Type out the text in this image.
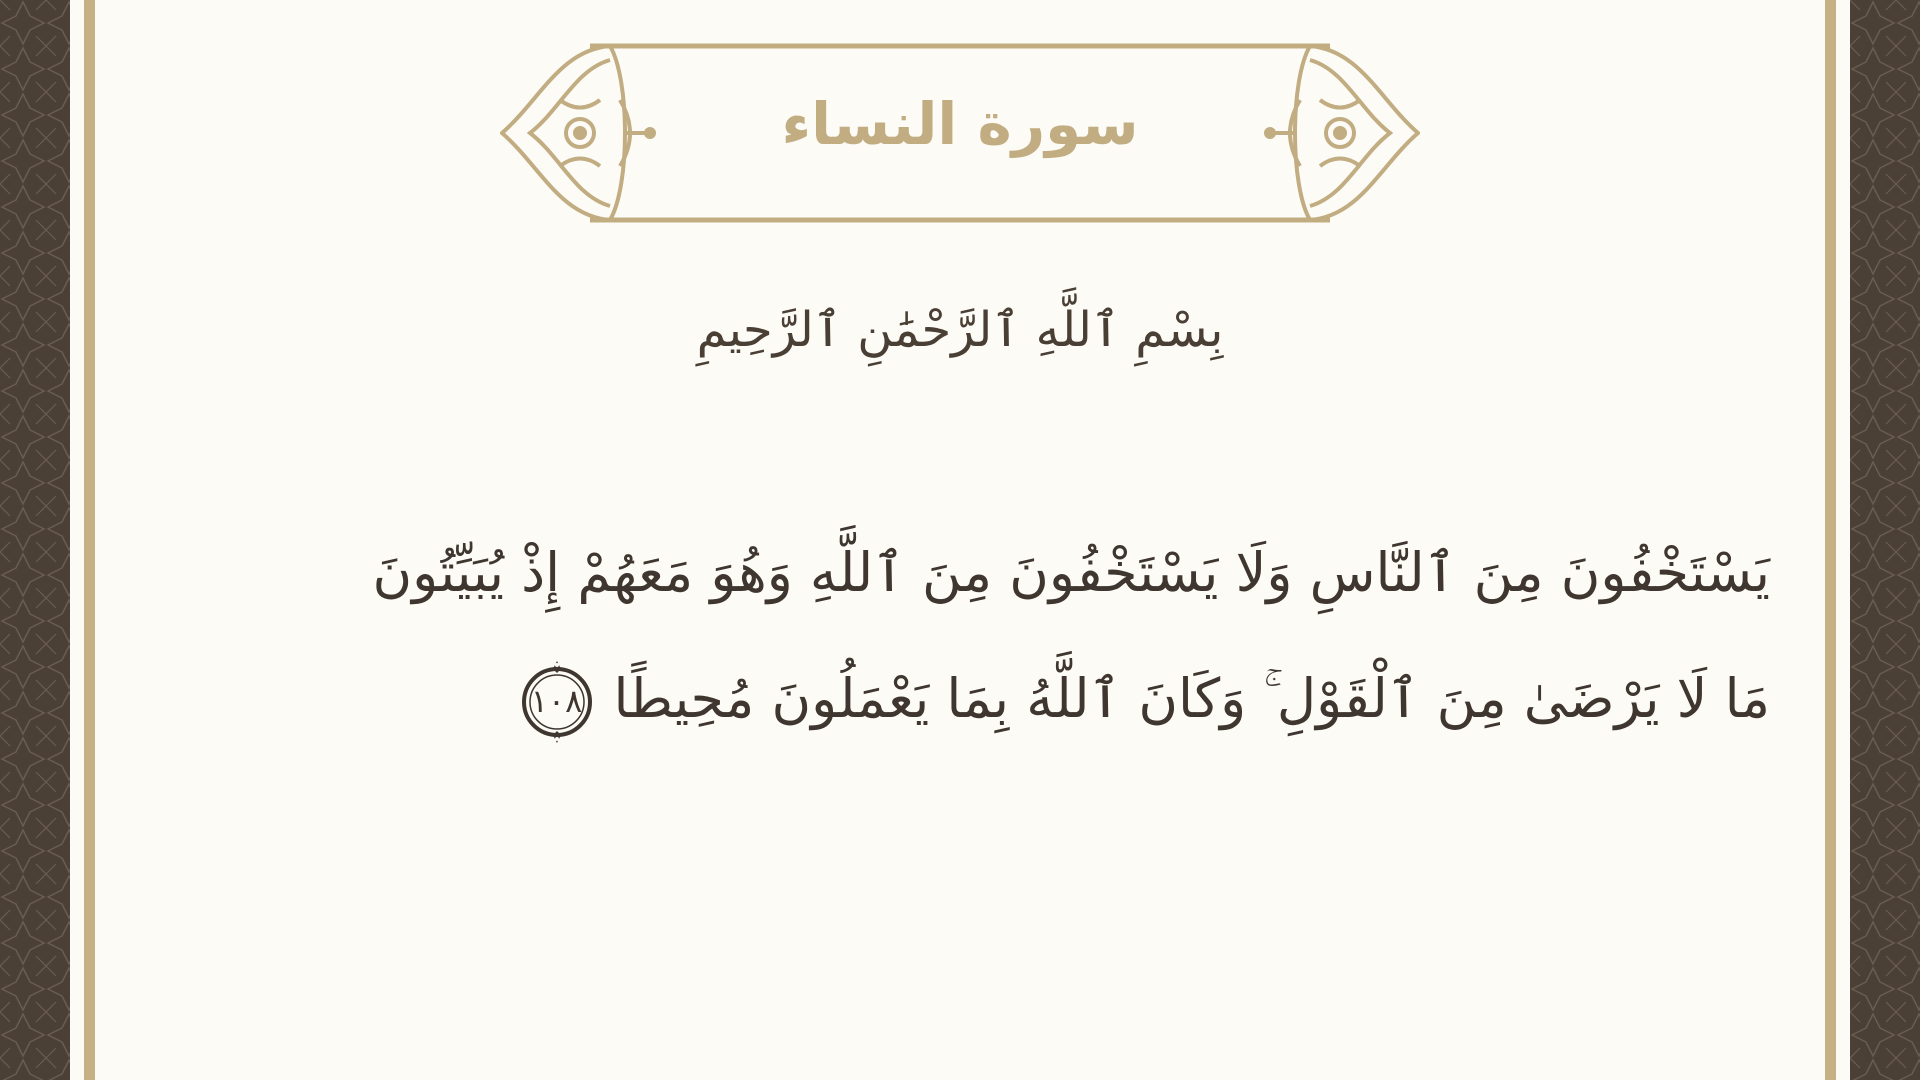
سورة النساء
بِسْمِ ٱللَّهِ ٱلرَّحْمَٰنِ ٱلرَّحِيمِ
يَسْتَخْفُونَ مِنَ ٱلنَّاسِ وَلَا يَسْتَخْفُونَ مِنَ ٱللَّهِ وَهُوَ مَعَهُمْ إِذْ يُبَيِّتُونَ
مَا لَا يَرْضَىٰ مِنَ ٱلْقَوْلِ ۚ وَكَانَ ٱللَّهُ بِمَا يَعْمَلُونَ مُحِيطًا
١٠٨
